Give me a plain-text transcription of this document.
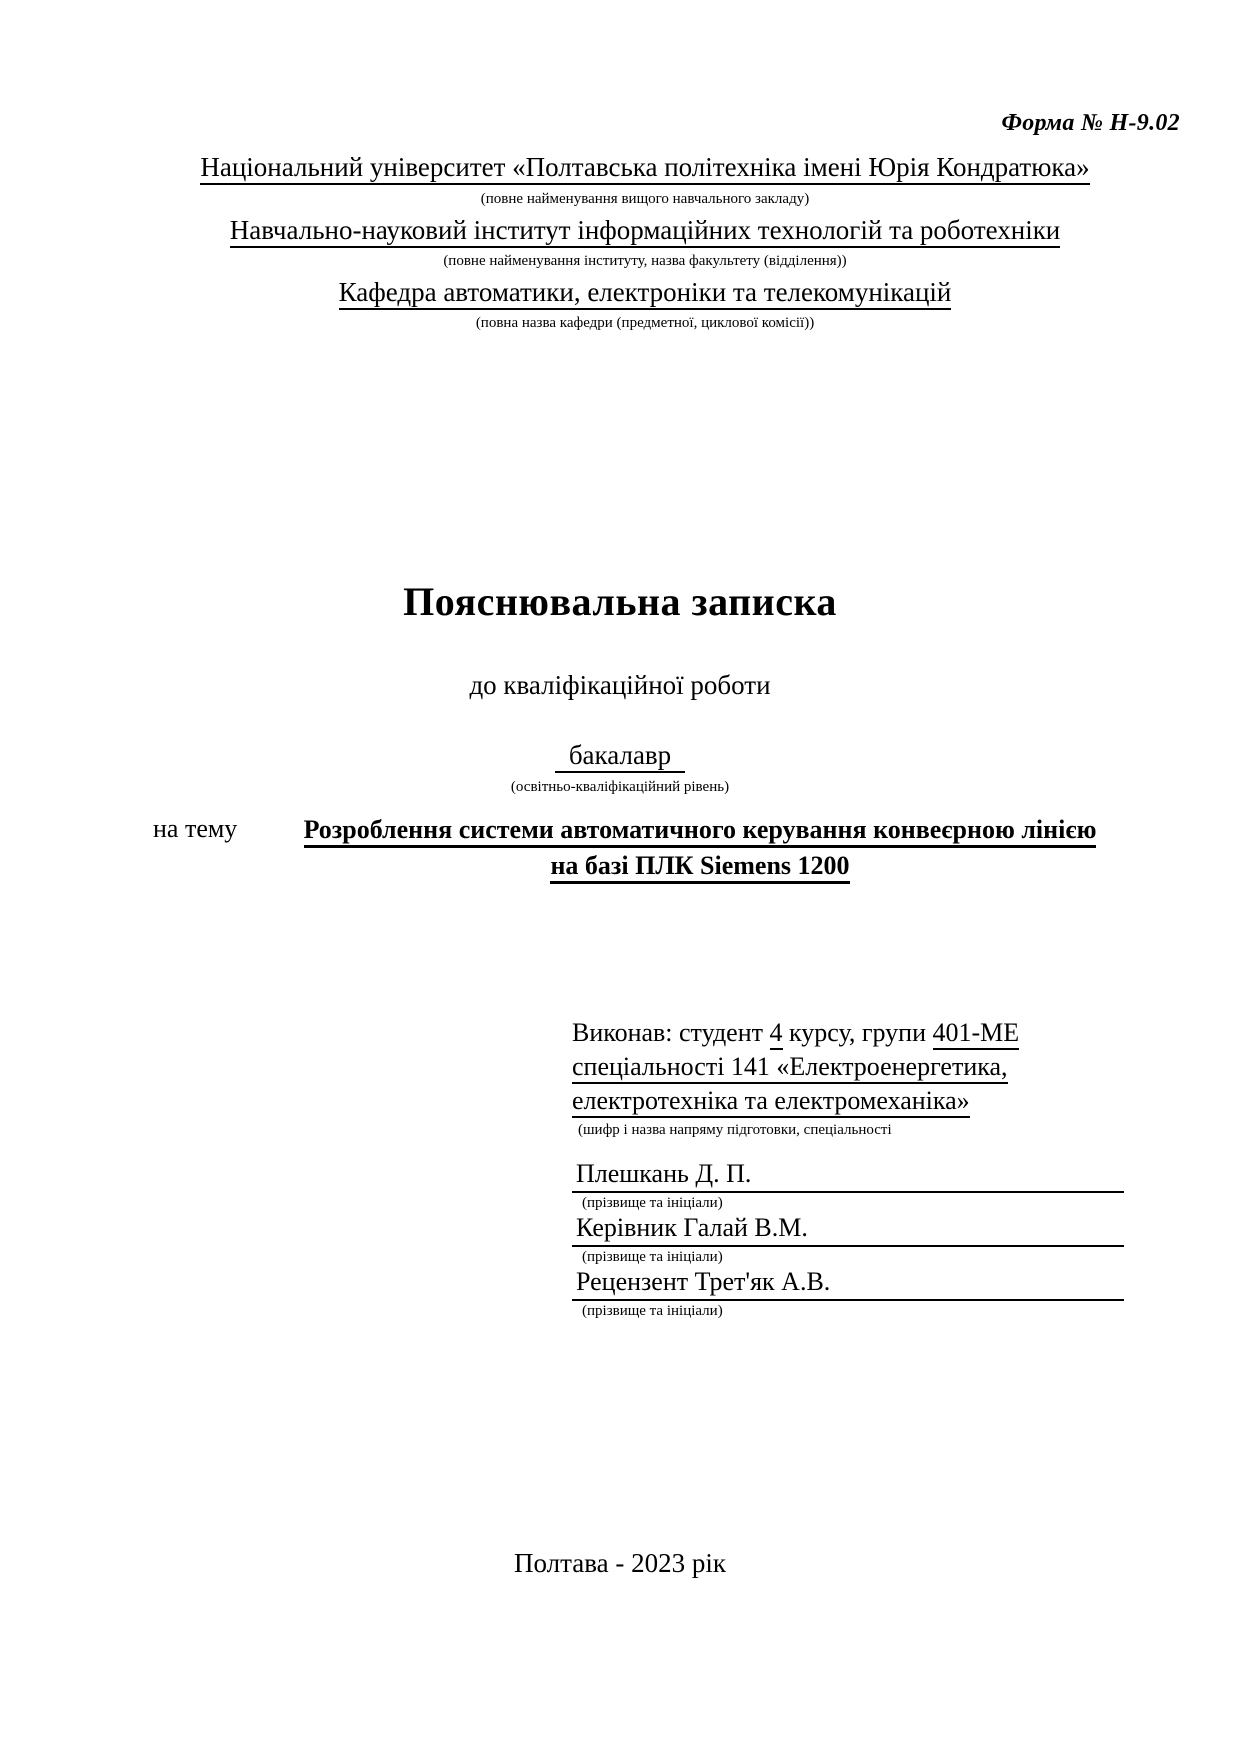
Форма № Н-9.02
Національний університет «Полтавська політехніка імені Юрія Кондратюка»
(повне найменування вищого навчального закладу)
Навчально-науковий інститут інформаційних технологій та роботехніки
(повне найменування інституту, назва факультету (відділення))
Кафедра автоматики, електроніки та телекомунікацій
(повна назва кафедри (предметної, циклової комісії))
Пояснювальна записка
до кваліфікаційної роботи
бакалавр
(освітньо-кваліфікаційний рівень)
на тему	Розроблення системи автоматичного керування конвеєрною лінією
на базі ПЛК Siemens 1200
Виконав: студент 4 курсу, групи 401-МЕ
спеціальності 141 «Електроенергетика,
електротехніка та електромеханіка»
(шифр і назва напряму підготовки, спеціальності
Плешкань Д. П.
(прізвище та ініціали)
Керівник Галай В.М.
(прізвище та ініціали)
Рецензент Трет'як А.В.
(прізвище та ініціали)
Полтава - 2023 рік
